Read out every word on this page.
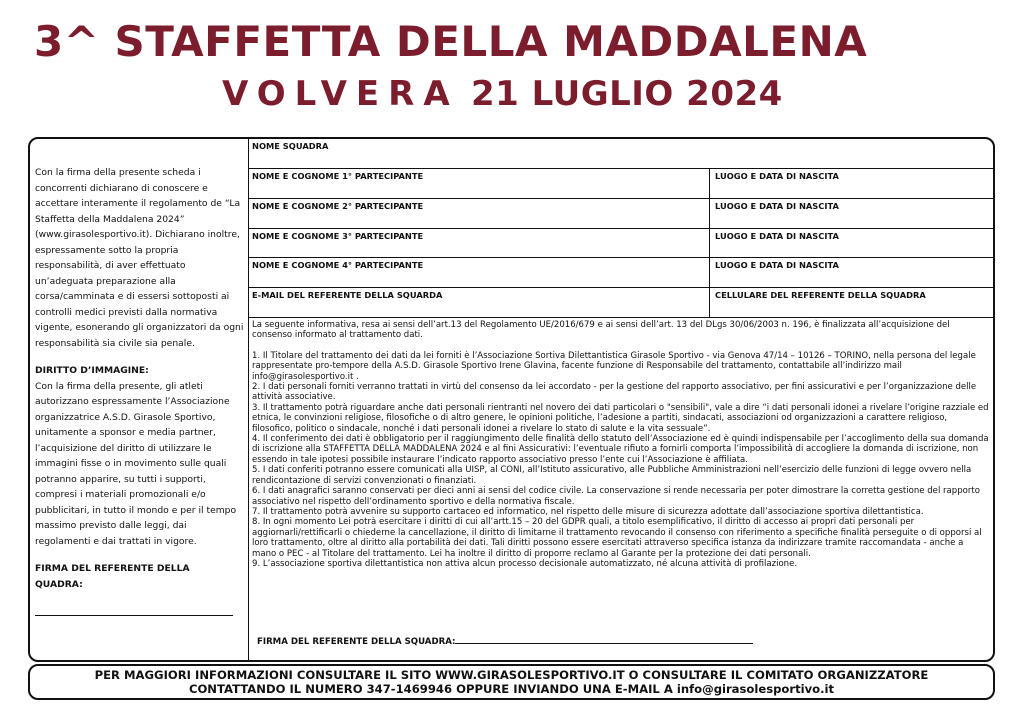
3^ STAFFETTA DELLA MADDALENA
VOLVERA 21 LUGLIO 2024

Con la firma della presente scheda i concorrenti dichiarano di conoscere e accettare interamente il regolamento de “La Staffetta della Maddalena 2024” (www.girasolesportivo.it). Dichiarano inoltre, espressamente sotto la propria responsabilità, di aver effettuato un’adeguata preparazione alla corsa/camminata e di essersi sottoposti ai controlli medici previsti dalla normativa vigente, esonerando gli organizzatori da ogni responsabilità sia civile sia penale.

DIRITTO D’IMMAGINE:

Con la firma della presente, gli atleti autorizzano espressamente l’Associazione organizzatrice A.S.D. Girasole Sportivo, unitamente a sponsor e media partner, l’acquisizione del diritto di utilizzare le immagini fisse o in movimento sulle quali potranno apparire, su tutti i supporti, compresi i materiali promozionali e/o pubblicitari, in tutto il mondo e per il tempo massimo previsto dalle leggi, dai regolamenti e dai trattati in vigore.

FIRMA DEL REFERENTE DELLA QUADRA:

NOME SQUADRA
NOME E COGNOME 1° PARTECIPANTE	LUOGO E DATA DI NASCITA
NOME E COGNOME 2° PARTECIPANTE	LUOGO E DATA DI NASCITA
NOME E COGNOME 3° PARTECIPANTE	LUOGO E DATA DI NASCITA
NOME E COGNOME 4° PARTECIPANTE	LUOGO E DATA DI NASCITA
E-MAIL DEL REFERENTE DELLA SQUARDA	CELLULARE DEL REFERENTE DELLA SQUADRA

La seguente informativa, resa ai sensi dell’art.13 del Regolamento UE/2016/679 e ai sensi dell’art. 13 del DLgs 30/06/2003 n. 196, è finalizzata all’acquisizione del consenso informato al trattamento dati.

1. Il Titolare del trattamento dei dati da lei forniti è l’Associazione Sortiva Dilettantistica Girasole Sportivo - via Genova 47/14 – 10126 – TORINO, nella persona del legale rappresentate pro-tempore della A.S.D. Girasole Sportivo Irene Glavina, facente funzione di Responsabile del trattamento, contattabile all’indirizzo mail info@girasolesportivo.it .

2. I dati personali forniti verranno trattati in virtù del consenso da lei accordato - per la gestione del rapporto associativo, per fini assicurativi e per l’organizzazione delle attività associative.

3. Il trattamento potrà riguardare anche dati personali rientranti nel novero dei dati particolari o "sensibili", vale a dire “i dati personali idonei a rivelare l’origine razziale ed etnica, le convinzioni religiose, filosofiche o di altro genere, le opinioni politiche, l’adesione a partiti, sindacati, associazioni od organizzazioni a carattere religioso, filosofico, politico o sindacale, nonché i dati personali idonei a rivelare lo stato di salute e la vita sessuale”.

4. Il conferimento dei dati è obbligatorio per il raggiungimento delle finalità dello statuto dell’Associazione ed è quindi indispensabile per l’accoglimento della sua domanda di iscrizione alla STAFFETTA DELLA MADDALENA 2024 e al fini Assicurativi: l’eventuale rifiuto a fornirli comporta l’impossibilità di accogliere la domanda di iscrizione, non essendo in tale ipotesi possibile instaurare l’indicato rapporto associativo presso l’ente cui l’Associazione è affiliata.

5. I dati conferiti potranno essere comunicati alla UISP, al CONI, all’Istituto assicurativo, alle Pubbliche Amministrazioni nell’esercizio delle funzioni di legge ovvero nella rendicontazione di servizi convenzionati o finanziati.

6. I dati anagrafici saranno conservati per dieci anni ai sensi del codice civile. La conservazione si rende necessaria per poter dimostrare la corretta gestione del rapporto associativo nel rispetto dell’ordinamento sportivo e della normativa fiscale.

7. Il trattamento potrà avvenire su supporto cartaceo ed informatico, nel rispetto delle misure di sicurezza adottate dall’associazione sportiva dilettantistica.

8. In ogni momento Lei potrà esercitare i diritti di cui all’artt.15 – 20 del GDPR quali, a titolo esemplificativo, il diritto di accesso ai propri dati personali per aggiornarli/rettificarli o chiederne la cancellazione, il diritto di limitarne il trattamento revocando il consenso con riferimento a specifiche finalità perseguite o di opporsi al loro trattamento, oltre al diritto alla portabilità dei dati. Tali diritti possono essere esercitati attraverso specifica istanza da indirizzare tramite raccomandata - anche a mano o PEC - al Titolare del trattamento. Lei ha inoltre il diritto di proporre reclamo al Garante per la protezione dei dati personali.

9. L’associazione sportiva dilettantistica non attiva alcun processo decisionale automatizzato, né alcuna attività di profilazione.

FIRMA DEL REFERENTE DELLA SQUADRA:
PER MAGGIORI INFORMAZIONI CONSULTARE IL SITO WWW.GIRASOLESPORTIVO.IT O CONSULTARE IL COMITATO ORGANIZZATORE
CONTATTANDO IL NUMERO 347-1469946 OPPURE INVIANDO UNA E-MAIL A info@girasolesportivo.it
